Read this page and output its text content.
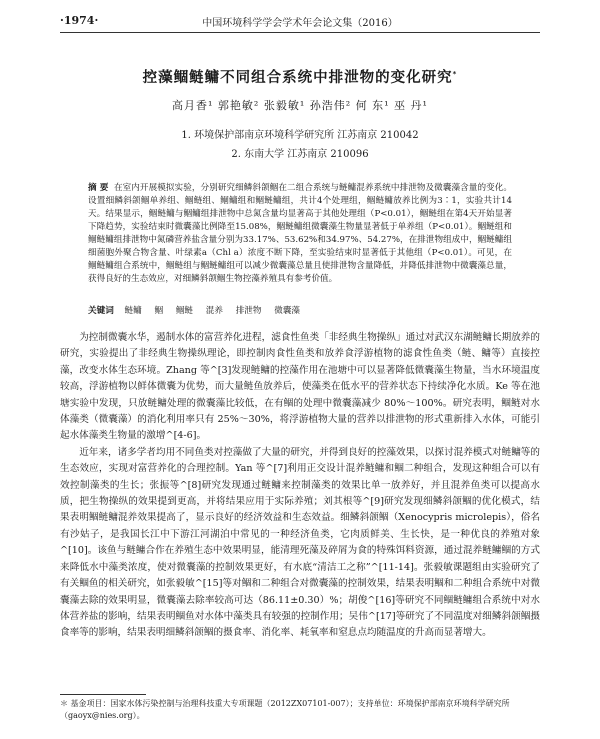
·1974·	中国环境科学学会学术年会论文集（2016）
控藻鲴鲢鳙不同组合系统中排泄物的变化研究*
高月香¹ 郭艳敏² 张毅敏¹ 孙浩伟² 何 东¹ 巫 丹¹
1. 环境保护部南京环境科学研究所 江苏南京 210042
2. 东南大学 江苏南京 210096
摘 要 在室内开展模拟实验，分别研究细鳞斜颌鲴在二组合系统与鲢鳙混养系统中排泄物及微囊藻含量的变化。设置细鳞斜颌鲴单养组、鲴鲢组、鲴鳙组和鲴鲢鳙组，共计4个处理组，鲴鲢鳙放养比例为3∶1，实验共计14天。结果显示，鲴鲢鳙与鲴鳙组排泄物中总氮含量均显著高于其他处理组（P<0.01），鲴鲢组在第4天开始显著下降趋势，实验结束时微囊藻比例降至15.08%，鲴鲢鳙组微囊藻生物量显著低于单养组（P<0.01）。鲴鲢组和鲴鲢鳙组排泄物中氮磷营养盐含量分别为33.17%、53.62%和34.97%、54.27%，在排泄物组成中，鲴鲢鳙组细菌胞外聚合物含量、叶绿素a（Chl a）浓度不断下降，至实验结束时显著低于其他组（P<0.01）。可见，在鲴鲢鳙组合系统中，鲴鲢组与鲴鲢鳙组可以减少微囊藻总量且使排泄物含量降低，并降低排泄物中微囊藻总量，获得良好的生态效应，对细鳞斜颌鲴生物控藻养殖具有参考价值。
关键词 鲢鳙 鲴 鲴鲢 混养 排泄物 微囊藻

为控制微囊水华，遏制水体的富营养化进程，滤食性鱼类「非经典生物操纵」通过对武汉东湖鲢鳙长期放养的研究，实验提出了非经典生物操纵理论，即控制肉食性鱼类和放养食浮游植物的滤食性鱼类（鲢、鳙等）直接控藻，改变水体生态环境。Zhang 等^[3]发现鲢鳙的控藻作用在池塘中可以显著降低微囊藻生物量，当水环境温度较高，浮游植物以鲜体微囊为优势，而大量鲢鱼放养后，使藻类在低水平的营养状态下持续净化水质。Ke 等在池塘实验中发现，只放鲢鳙处理的微囊藻比较低，在有鲴的处理中微囊藻减少 80%～100%。研究表明，鲴鲢对水体藻类（微囊藻）的消化利用率只有 25%～30%，将浮游植物大量的营养以排泄物的形式重新排入水体，可能引起水体藻类生物量的激增^[4-6]。

近年来，诸多学者均用不同鱼类对控藻做了大量的研究，并得到良好的控藻效果，以探讨混养模式对鲢鳙等的生态效应，实现对富营养化的合理控制。Yan 等^[7]利用正交设计混养鲢鳙和鲴二种组合，发现这种组合可以有效控制藻类的生长；张振等^[8]研究发现通过鲢鳙来控制藻类的效果比单一放养好，并且混养鱼类可以提高水质，把生物操纵的效果提到更高，并将结果应用于实际养殖；刘其根等^[9]研究发现细鳞斜颌鲴的优化模式，结果表明鲴鲢鳙混养效果提高了，显示良好的经济效益和生态效益。细鳞斜颌鲴（Xenocypris microlepis），俗名有沙姑子，是我国长江中下游江河湖泊中常见的一种经济鱼类，它肉质鲜美、生长快，是一种优良的养殖对象^[10]。该鱼与鲢鳙合作在养殖生态中效果明显，能清理死藻及碎屑为食的特殊饵料资源，通过混养鲢鳙鲴的方式来降低水中藻类浓度，使对微囊藻的控制效果更好，有水底“清洁工之称”^[11-14]。张毅敏课题组由实验研究了有关鲴鱼的相关研究，如张毅敏^[15]等对鲴和二种组合对微囊藻的控制效果，结果表明鲴和二种组合系统中对微囊藻去除的效果明显，微囊藻去除率较高可达（86.11±0.30）%；胡俊^[16]等研究不同鲴鲢鳙组合系统中对水体营养盐的影响，结果表明鲴鱼对水体中藻类具有较强的控制作用；吴伟^[17]等研究了不同温度对细鳞斜颌鲴摄食率等的影响，结果表明细鳞斜颌鲴的摄食率、消化率、耗氧率和窒息点均随温度的升高而显著增大。

＊ 基金项目：国家水体污染控制与治理科技重大专项课题（2012ZX07101-007）；支持单位：环境保护部南京环境科学研究所（gaoyx@nies.org）。
